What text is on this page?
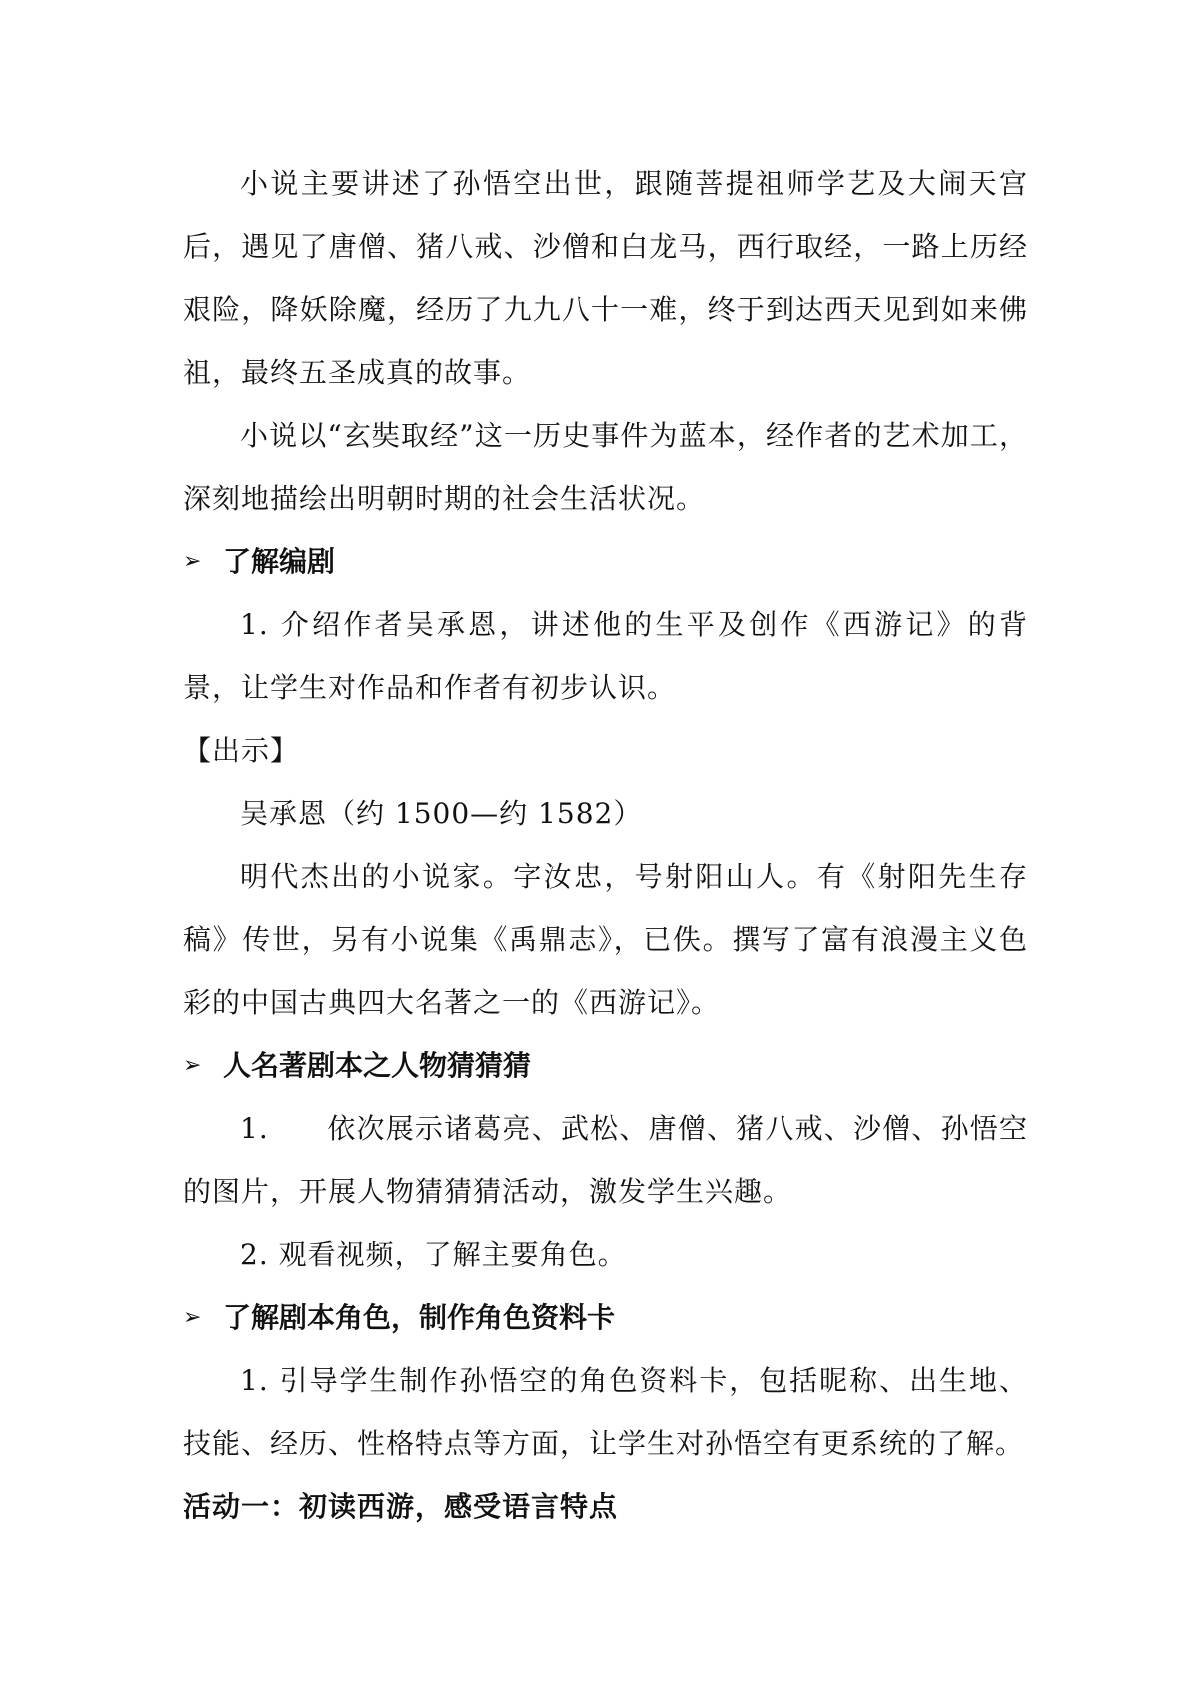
小说主要讲述了孙悟空出世，跟随菩提祖师学艺及大闹天宫后，遇见了唐僧、猪八戒、沙僧和白龙马，西行取经，一路上历经艰险，降妖除魔，经历了九九八十一难，终于到达西天见到如来佛祖，最终五圣成真的故事。

小说以“玄奘取经”这一历史事件为蓝本，经作者的艺术加工，深刻地描绘出明朝时期的社会生活状况。

➢ 了解编剧

1. 介绍作者吴承恩，讲述他的生平及创作《西游记》的背景，让学生对作品和作者有初步认识。

【出示】

吴承恩（约 1500—约 1582）

明代杰出的小说家。字汝忠，号射阳山人。有《射阳先生存稿》传世，另有小说集《禹鼎志》，已佚。撰写了富有浪漫主义色彩的中国古典四大名著之一的《西游记》。

➢ 人名著剧本之人物猜猜猜

1.　　依次展示诸葛亮、武松、唐僧、猪八戒、沙僧、孙悟空的图片，开展人物猜猜猜活动，激发学生兴趣。

2. 观看视频，了解主要角色。

➢ 了解剧本角色，制作角色资料卡

1. 引导学生制作孙悟空的角色资料卡，包括昵称、出生地、技能、经历、性格特点等方面，让学生对孙悟空有更系统的了解。

活动一：初读西游，感受语言特点
